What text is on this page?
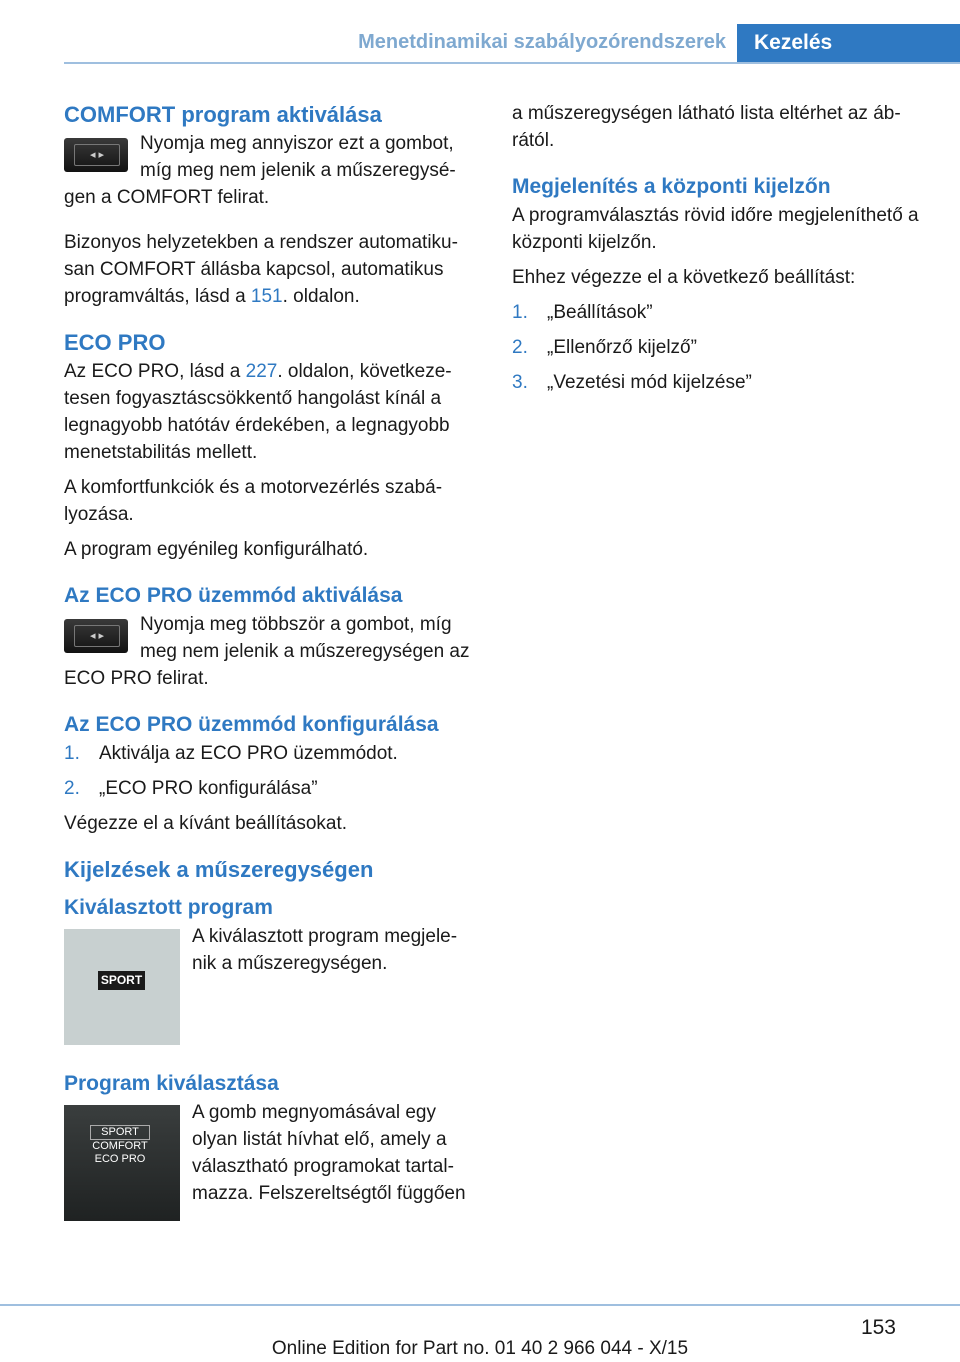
Menetdinamikai szabályozórendszerek	Kezelés
COMFORT program aktiválása
◂ ▸

Nyomja meg annyiszor ezt a gombot, míg meg nem jelenik a műszeregysé-gen a COMFORT felirat.

Bizonyos helyzetekben a rendszer automatiku-san COMFORT állásba kapcsol, automatikus programváltás, lásd a 151. oldalon.

ECO PRO

Az ECO PRO, lásd a 227. oldalon, következe-tesen fogyasztáscsökkentő hangolást kínál a legnagyobb hatótáv érdekében, a legnagyobb menetstabilitás mellett.

A komfortfunkciók és a motorvezérlés szabá-lyozása.

A program egyénileg konfigurálható.

Az ECO PRO üzemmód aktiválása
◂ ▸

Nyomja meg többször a gombot, míg meg nem jelenik a műszeregységen az ECO PRO felirat.

Az ECO PRO üzemmód konfigurálása
1. Aktiválja az ECO PRO üzemmódot.
2. „ECO PRO konfigurálása”

Végezze el a kívánt beállításokat.

Kijelzések a műszeregységen
Kiválasztott program
SPORT

A kiválasztott program megjele-nik a műszeregységen.

Program kiválasztása
SPORT
COMFORT
ECO PRO

A gomb megnyomásával egy olyan listát hívhat elő, amely a választható programokat tartal-mazza. Felszereltségtől függően

a műszeregységen látható lista eltérhet az áb-rától.

Megjelenítés a központi kijelzőn

A programválasztás rövid időre megjeleníthető a központi kijelzőn.

Ehhez végezze el a következő beállítást:

1. „Beállítások”
2. „Ellenőrző kijelző”
3. „Vezetési mód kijelzése”
153
Online Edition for Part no. 01 40 2 966 044 - X/15
